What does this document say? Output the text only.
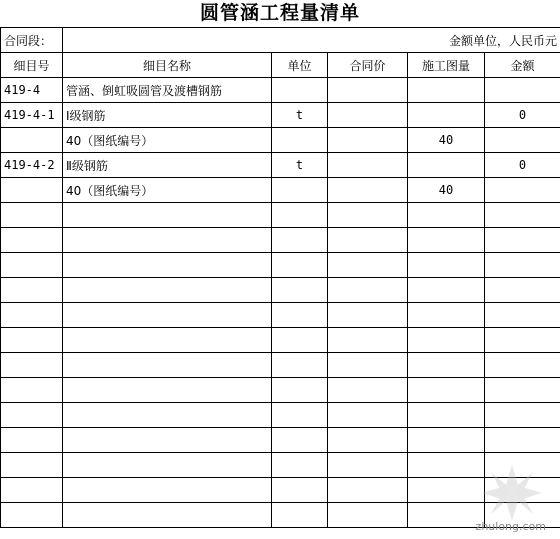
圆管涵工程量清单
合同段：	金额单位，人民币元				
细目号	细目名称	单位	合同价	施工图量	金额
419-4	管涵、倒虹吸圆管及渡槽钢筋				
419-4-1	Ⅰ级钢筋	t			0
	40（图纸编号）			40	
419-4-2	Ⅱ级钢筋	t			0
	40（图纸编号）			40	

zhulong.com
